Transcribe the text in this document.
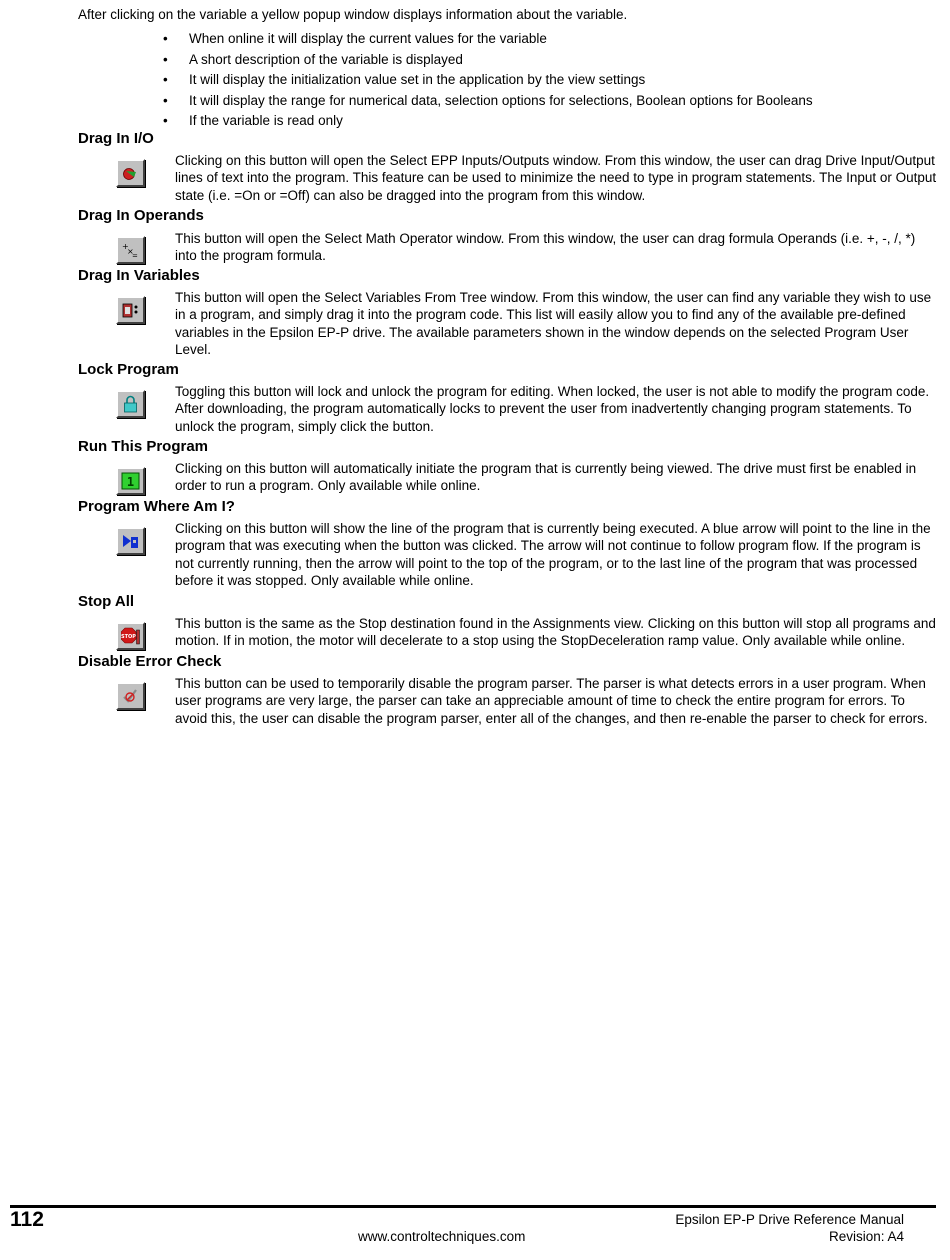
After clicking on the variable a yellow popup window displays information about the variable.
• When online it will display the current values for the variable
• A short description of the variable is displayed
• It will display the initialization value set in the application by the view settings
• It will display the range for numerical data, selection options for selections, Boolean options for Booleans
• If the variable is read only
Drag In I/O
Clicking on this button will open the Select EPP Inputs/Outputs window. From this window, the user can drag Drive Input/Output lines of text into the program. This feature can be used to minimize the need to type in program statements. The Input or Output state (i.e. =On or =Off) can also be dragged into the program from this window.
Drag In Operands
+
×
=
This button will open the Select Math Operator window. From this window, the user can drag formula Operands (i.e. +, -, /, *) into the program formula.
Drag In Variables
This button will open the Select Variables From Tree window. From this window, the user can find any variable they wish to use in a program, and simply drag it into the program code. This list will easily allow you to find any of the available pre-defined variables in the Epsilon EP-P drive. The available parameters shown in the window depends on the selected Program User Level.
Lock Program
Toggling this button will lock and unlock the program for editing. When locked, the user is not able to modify the program code. After downloading, the program automatically locks to prevent the user from inadvertently changing program statements. To unlock the program, simply click the button.
Run This Program
1
Clicking on this button will automatically initiate the program that is currently being viewed. The drive must first be enabled in order to run a program. Only available while online.
Program Where Am I?
Clicking on this button will show the line of the program that is currently being executed. A blue arrow will point to the line in the program that was executing when the button was clicked. The arrow will not continue to follow program flow. If the program is not currently running, then the arrow will point to the top of the program, or to the last line of the program that was processed before it was stopped. Only available while online.
Stop All
STOP
This button is the same as the Stop destination found in the Assignments view. Clicking on this button will stop all programs and motion. If in motion, the motor will decelerate to a stop using the StopDeceleration ramp value. Only available while online.
Disable Error Check
This button can be used to temporarily disable the program parser. The parser is what detects errors in a user program. When user programs are very large, the parser can take an appreciable amount of time to check the entire program for errors. To avoid this, the user can disable the program parser, enter all of the changes, and then re-enable the parser to check for errors.
112	Epsilon EP-P Drive Reference Manual
www.controltechniques.com	Revision: A4
